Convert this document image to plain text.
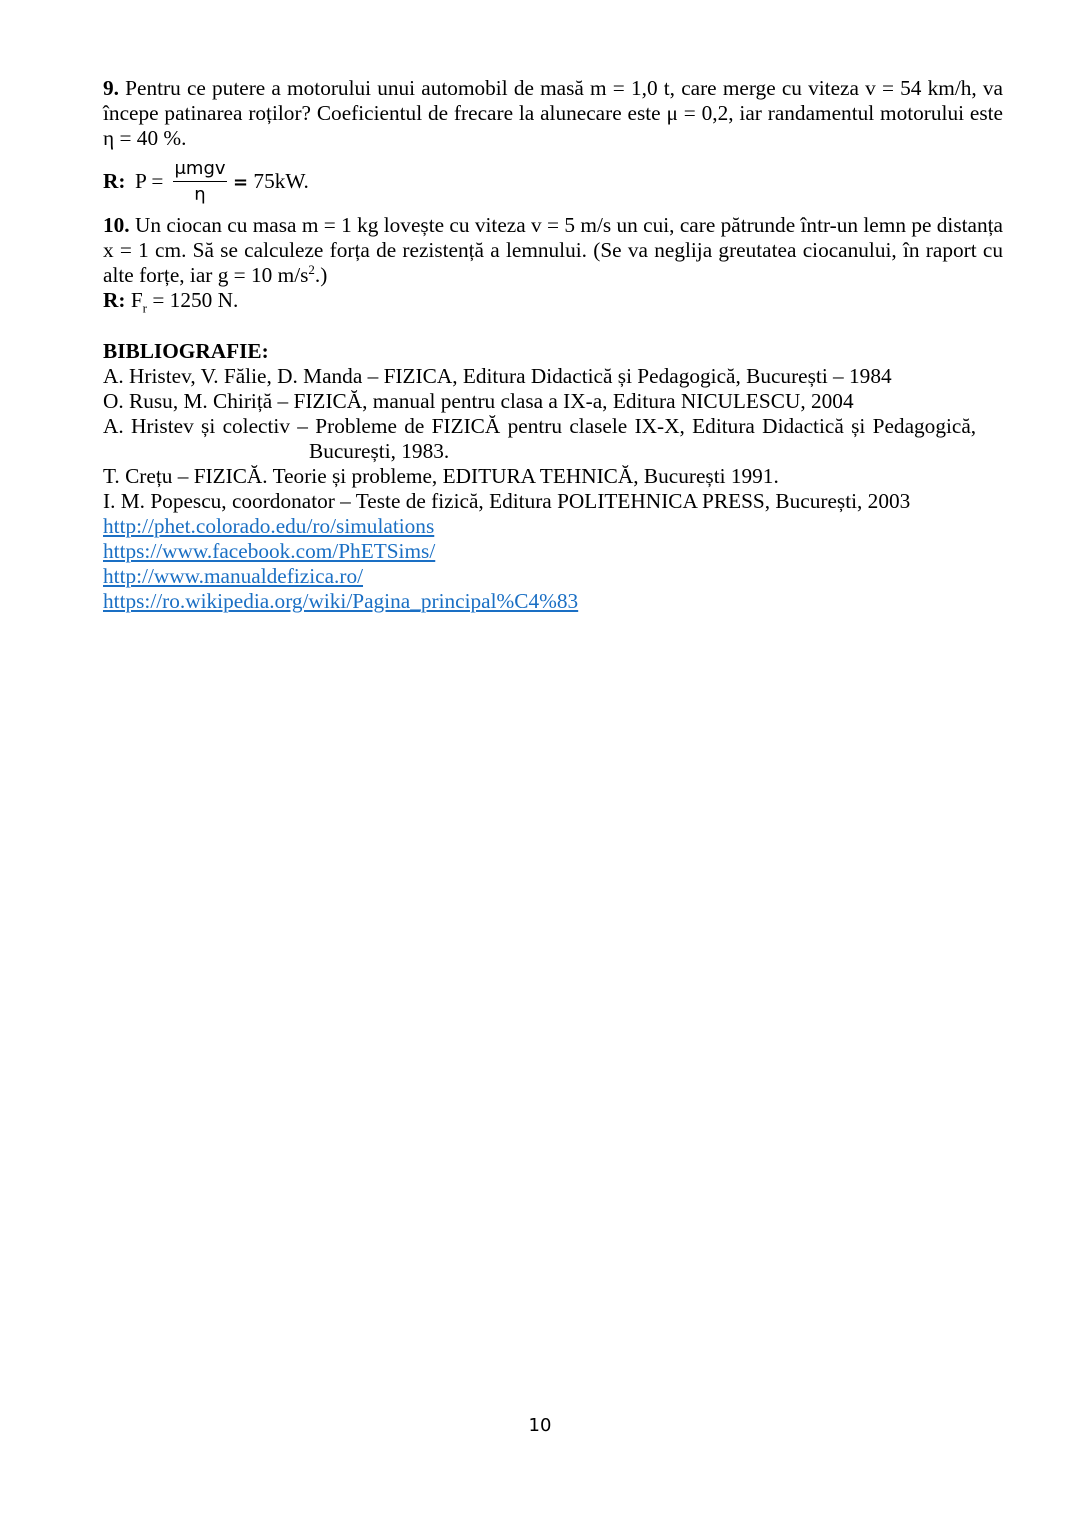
9. Pentru ce putere a motorului unui automobil de masă m = 1,0 t, care merge cu viteza v = 54 km/h, va începe patinarea roților? Coeficientul de frecare la alunecare este μ = 0,2, iar randamentul motorului este η = 40 %.

R: P =
μmgv
η
= 75kW.

10. Un ciocan cu masa m = 1 kg lovește cu viteza v = 5 m/s un cui, care pătrunde într-un lemn pe distanța x = 1 cm. Să se calculeze forța de rezistență a lemnului. (Se va neglija greutatea ciocanului, în raport cu alte forțe, iar g = 10 $m/s^2$.)

R: $F_r = 1250$ N.

BIBLIOGRAFIE:

A. Hristev, V. Fălie, D. Manda – FIZICA, Editura Didactică și Pedagogică, București – 1984
O. Rusu, M. Chiriță – FIZICĂ, manual pentru clasa a IX-a, Editura NICULESCU, 2004
A. Hristev și colectiv – Probleme de FIZICĂ pentru clasele IX-X, Editura Didactică și Pedagogică,
București, 1983.
T. Crețu – FIZICĂ. Teorie și probleme, EDITURA TEHNICĂ, București 1991.
I. M. Popescu, coordonator – Teste de fizică, Editura POLITEHNICA PRESS, București, 2003
http://phet.colorado.edu/ro/simulations
https://www.facebook.com/PhETSims/
http://www.manualdefizica.ro/
https://ro.wikipedia.org/wiki/Pagina_principal%C4%83
10
